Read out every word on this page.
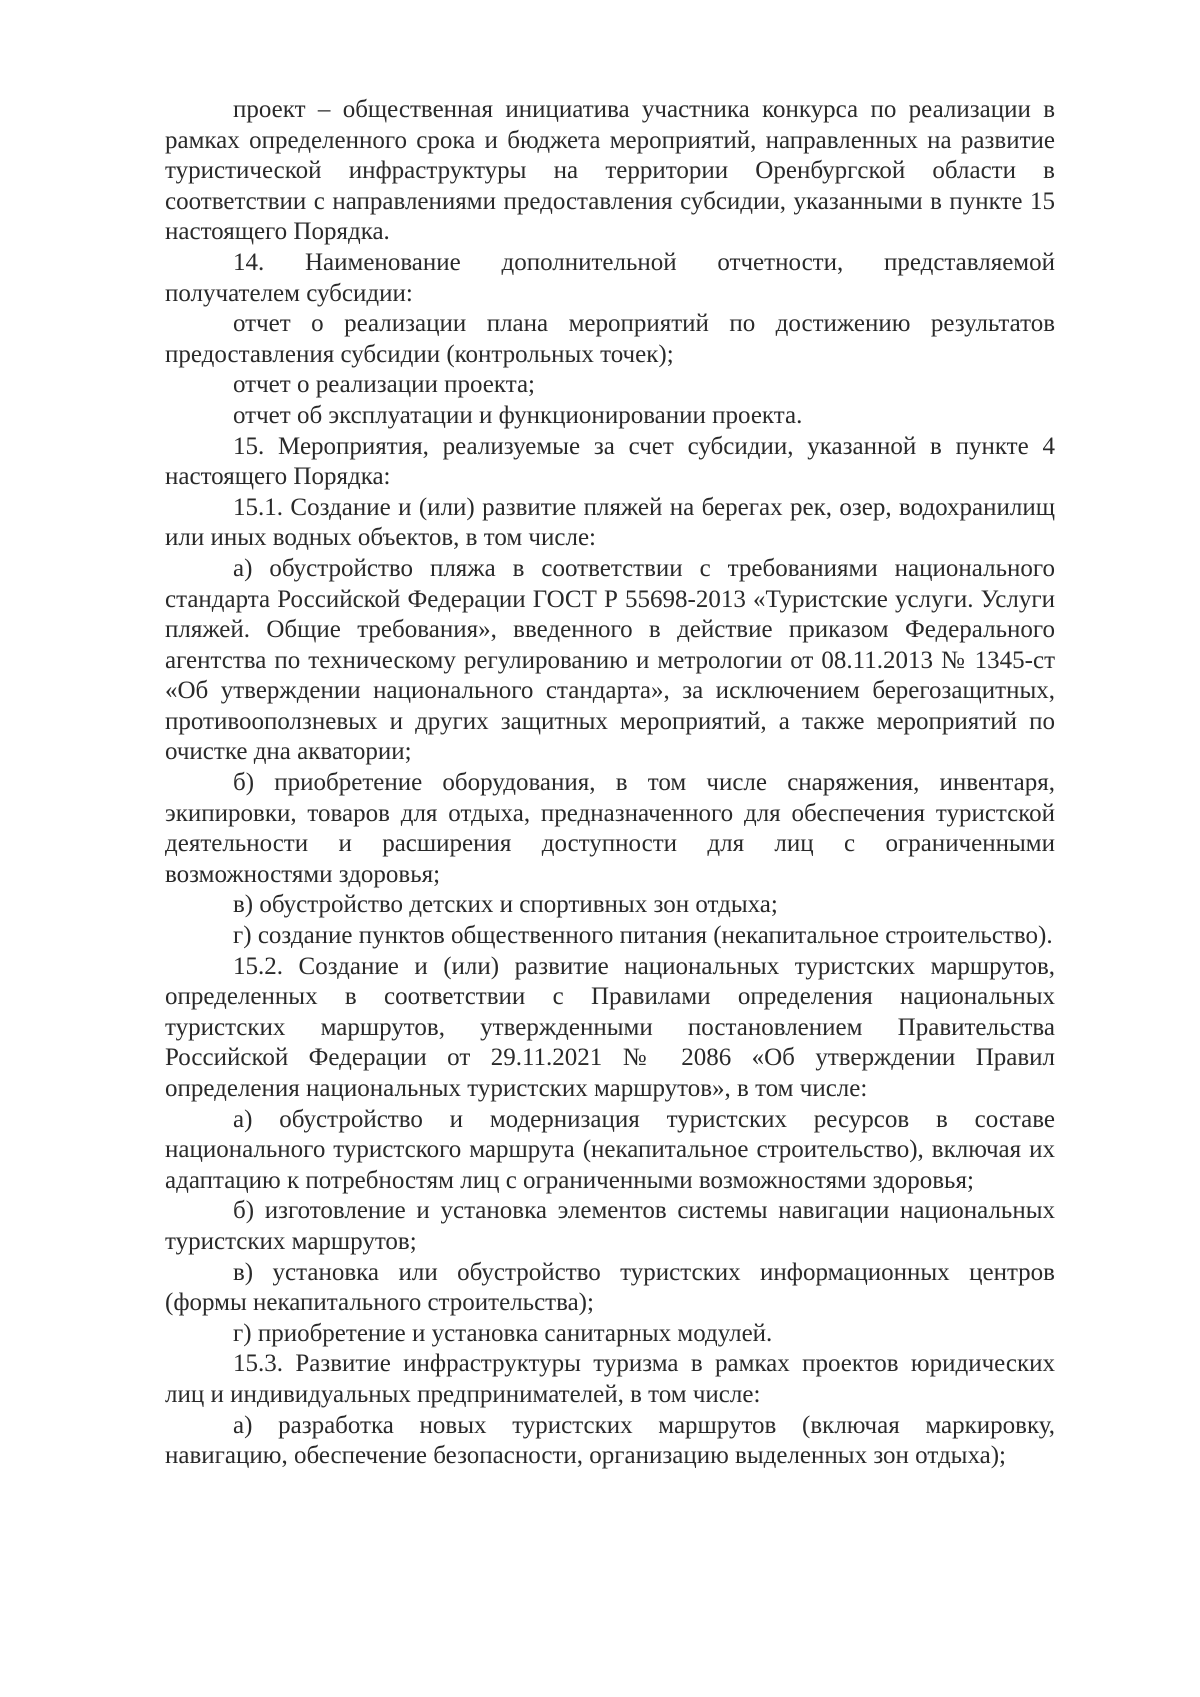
проект – общественная инициатива участника конкурса по реализации в рамках определенного срока и бюджета мероприятий, направленных на развитие туристической инфраструктуры на территории Оренбургской области в соответствии с направлениями предоставления субсидии, указанными в пункте 15 настоящего Порядка.

14. Наименование дополнительной отчетности, представляемой получателем субсидии:

отчет о реализации плана мероприятий по достижению результатов предоставления субсидии (контрольных точек);

отчет о реализации проекта;

отчет об эксплуатации и функционировании проекта.

15. Мероприятия, реализуемые за счет субсидии, указанной в пункте 4 настоящего Порядка:

15.1. Создание и (или) развитие пляжей на берегах рек, озер, водохранилищ или иных водных объектов, в том числе:

а) обустройство пляжа в соответствии с требованиями национального стандарта Российской Федерации ГОСТ Р 55698-2013 «Туристские услуги. Услуги пляжей. Общие требования», введенного в действие приказом Федерального агентства по техническому регулированию и метрологии от 08.11.2013 № 1345-ст «Об утверждении национального стандарта», за исключением берегозащитных, противооползневых и других защитных мероприятий, а также мероприятий по очистке дна акватории;

б) приобретение оборудования, в том числе снаряжения, инвентаря, экипировки, товаров для отдыха, предназначенного для обеспечения туристской деятельности и расширения доступности для лиц с ограниченными возможностями здоровья;

в) обустройство детских и спортивных зон отдыха;

г) создание пунктов общественного питания (некапитальное строительство).

15.2. Создание и (или) развитие национальных туристских маршрутов, определенных в соответствии с Правилами определения национальных туристских маршрутов, утвержденными постановлением Правительства Российской Федерации от 29.11.2021 № 2086 «Об утверждении Правил определения национальных туристских маршрутов», в том числе:

а) обустройство и модернизация туристских ресурсов в составе национального туристского маршрута (некапитальное строительство), включая их адаптацию к потребностям лиц с ограниченными возможностями здоровья;

б) изготовление и установка элементов системы навигации национальных туристских маршрутов;

в) установка или обустройство туристских информационных центров (формы некапитального строительства);

г) приобретение и установка санитарных модулей.

15.3. Развитие инфраструктуры туризма в рамках проектов юридических лиц и индивидуальных предпринимателей, в том числе:

а) разработка новых туристских маршрутов (включая маркировку, навигацию, обеспечение безопасности, организацию выделенных зон отдыха);
